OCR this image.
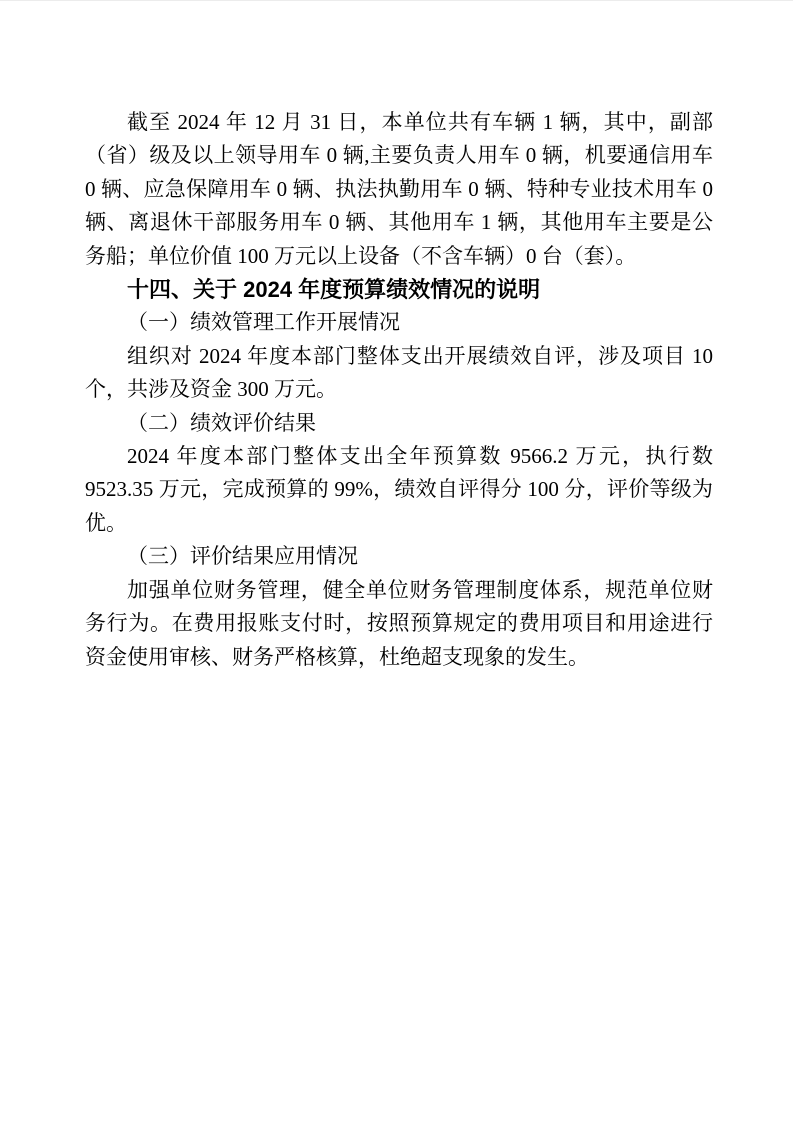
截至 2024 年 12 月 31 日，本单位共有车辆 1 辆，其中，副部（省）级及以上领导用车 0 辆,主要负责人用车 0 辆，机要通信用车 0 辆、应急保障用车 0 辆、执法执勤用车 0 辆、特种专业技术用车 0 辆、离退休干部服务用车 0 辆、其他用车 1 辆，其他用车主要是公务船；单位价值 100 万元以上设备（不含车辆）0 台（套）。

十四、关于 2024 年度预算绩效情况的说明
（一）绩效管理工作开展情况

组织对 2024 年度本部门整体支出开展绩效自评，涉及项目 10 个，共涉及资金 300 万元。

（二）绩效评价结果

2024 年度本部门整体支出全年预算数 9566.2 万元，执行数 9523.35 万元，完成预算的 99%，绩效自评得分 100 分，评价等级为优。

（三）评价结果应用情况

加强单位财务管理，健全单位财务管理制度体系，规范单位财务行为。在费用报账支付时，按照预算规定的费用项目和用途进行资金使用审核、财务严格核算，杜绝超支现象的发生。
